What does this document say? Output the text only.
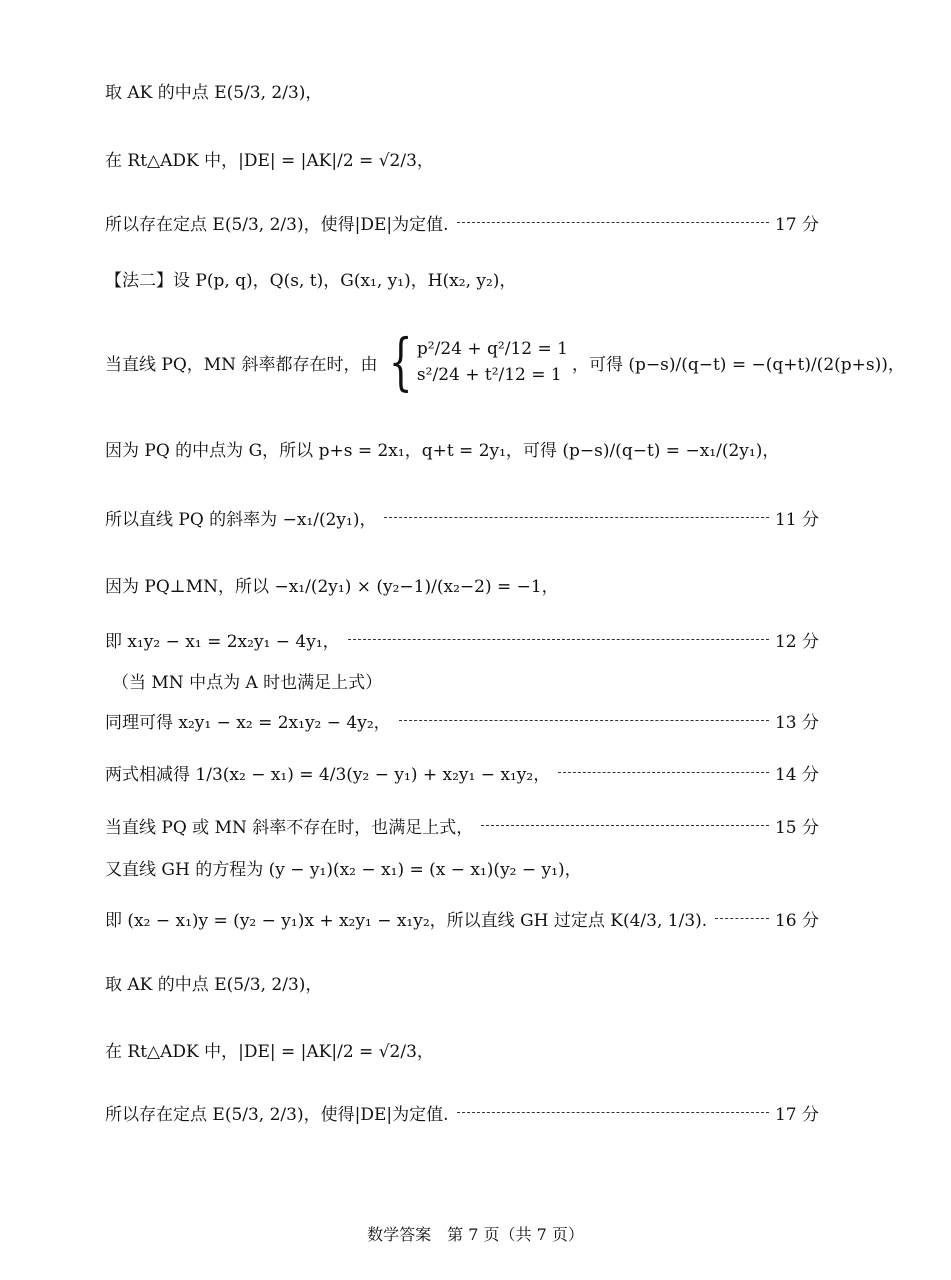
取 AK 的中点 E(5/3, 2/3)，
在 Rt△ADK 中，|DE| = |AK|/2 = √2/3，
所以存在定点 E(5/3, 2/3)，使得|DE|为定值.	17 分
【法二】设 P(p, q)，Q(s, t)，G(x₁, y₁)，H(x₂, y₂)，
当直线 PQ，MN 斜率都存在时，由 { p²/24 + q²/12 = 1
s²/24 + t²/12 = 1
，可得 (p−s)/(q−t) = −(q+t)/(2(p+s))，
因为 PQ 的中点为 G，所以 p+s = 2x₁，q+t = 2y₁，可得 (p−s)/(q−t) = −x₁/(2y₁)，
所以直线 PQ 的斜率为 −x₁/(2y₁)，	11 分
因为 PQ⊥MN，所以 −x₁/(2y₁) × (y₂−1)/(x₂−2) = −1，
即 x₁y₂ − x₁ = 2x₂y₁ − 4y₁，	12 分
（当 MN 中点为 A 时也满足上式）
同理可得 x₂y₁ − x₂ = 2x₁y₂ − 4y₂，	13 分
两式相减得 1/3(x₂ − x₁) = 4/3(y₂ − y₁) + x₂y₁ − x₁y₂，	14 分
当直线 PQ 或 MN 斜率不存在时，也满足上式，	15 分
又直线 GH 的方程为 (y − y₁)(x₂ − x₁) = (x − x₁)(y₂ − y₁)，
即 (x₂ − x₁)y = (y₂ − y₁)x + x₂y₁ − x₁y₂，所以直线 GH 过定点 K(4/3, 1/3).	16 分
取 AK 的中点 E(5/3, 2/3)，
在 Rt△ADK 中，|DE| = |AK|/2 = √2/3，
所以存在定点 E(5/3, 2/3)，使得|DE|为定值.	17 分
数学答案　第 7 页（共 7 页）
